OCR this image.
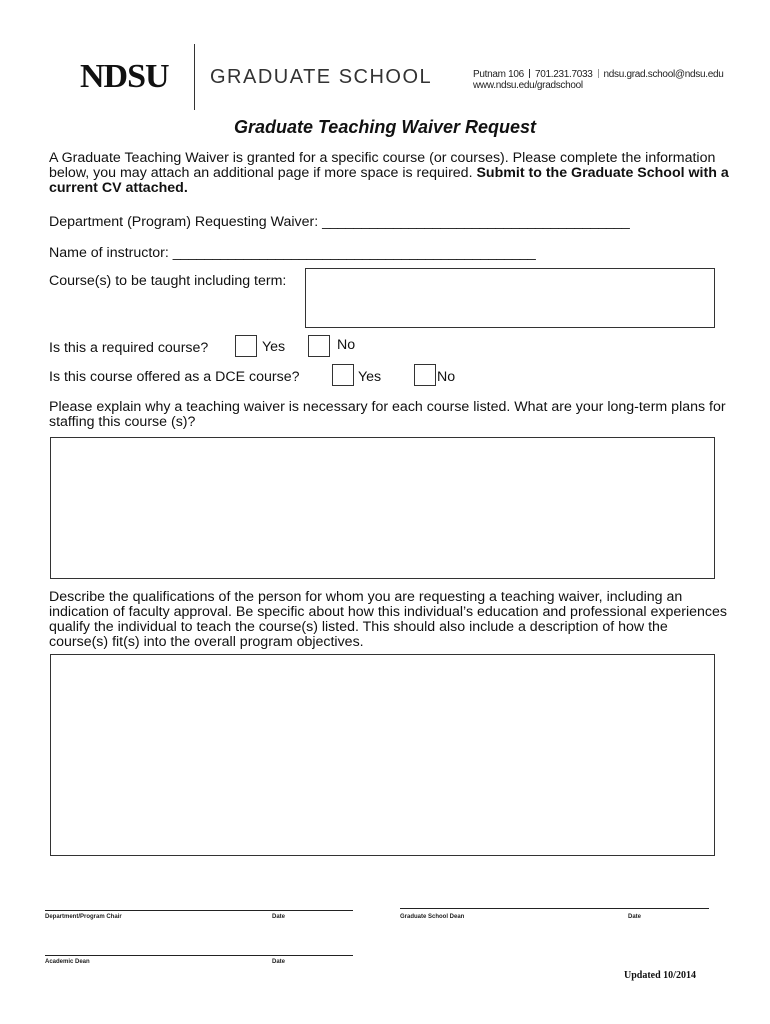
NDSU GRADUATE SCHOOL	Putnam 106 701.231.7033 ndsu.grad.school@ndsu.edu
www.ndsu.edu/gradschool
Graduate Teaching Waiver Request
A Graduate Teaching Waiver is granted for a specific course (or courses). Please complete the information below, you may attach an additional page if more space is required. Submit to the Graduate School with a current CV attached.
Department (Program) Requesting Waiver: _______________________________________
Name of instructor: ______________________________________________
Course(s) to be taught including term:
Is this a required course?	Yes	No
Is this course offered as a DCE course?	Yes	No
Please explain why a teaching waiver is necessary for each course listed. What are your long-term plans for staffing this course (s)?
Describe the qualifications of the person for whom you are requesting a teaching waiver, including an indication of faculty approval. Be specific about how this individual’s education and professional experiences qualify the individual to teach the course(s) listed. This should also include a description of how the course(s) fit(s) into the overall program objectives.
Department/Program Chair	Date	Graduate School Dean	Date
Academic Dean	Date
Updated 10/2014
